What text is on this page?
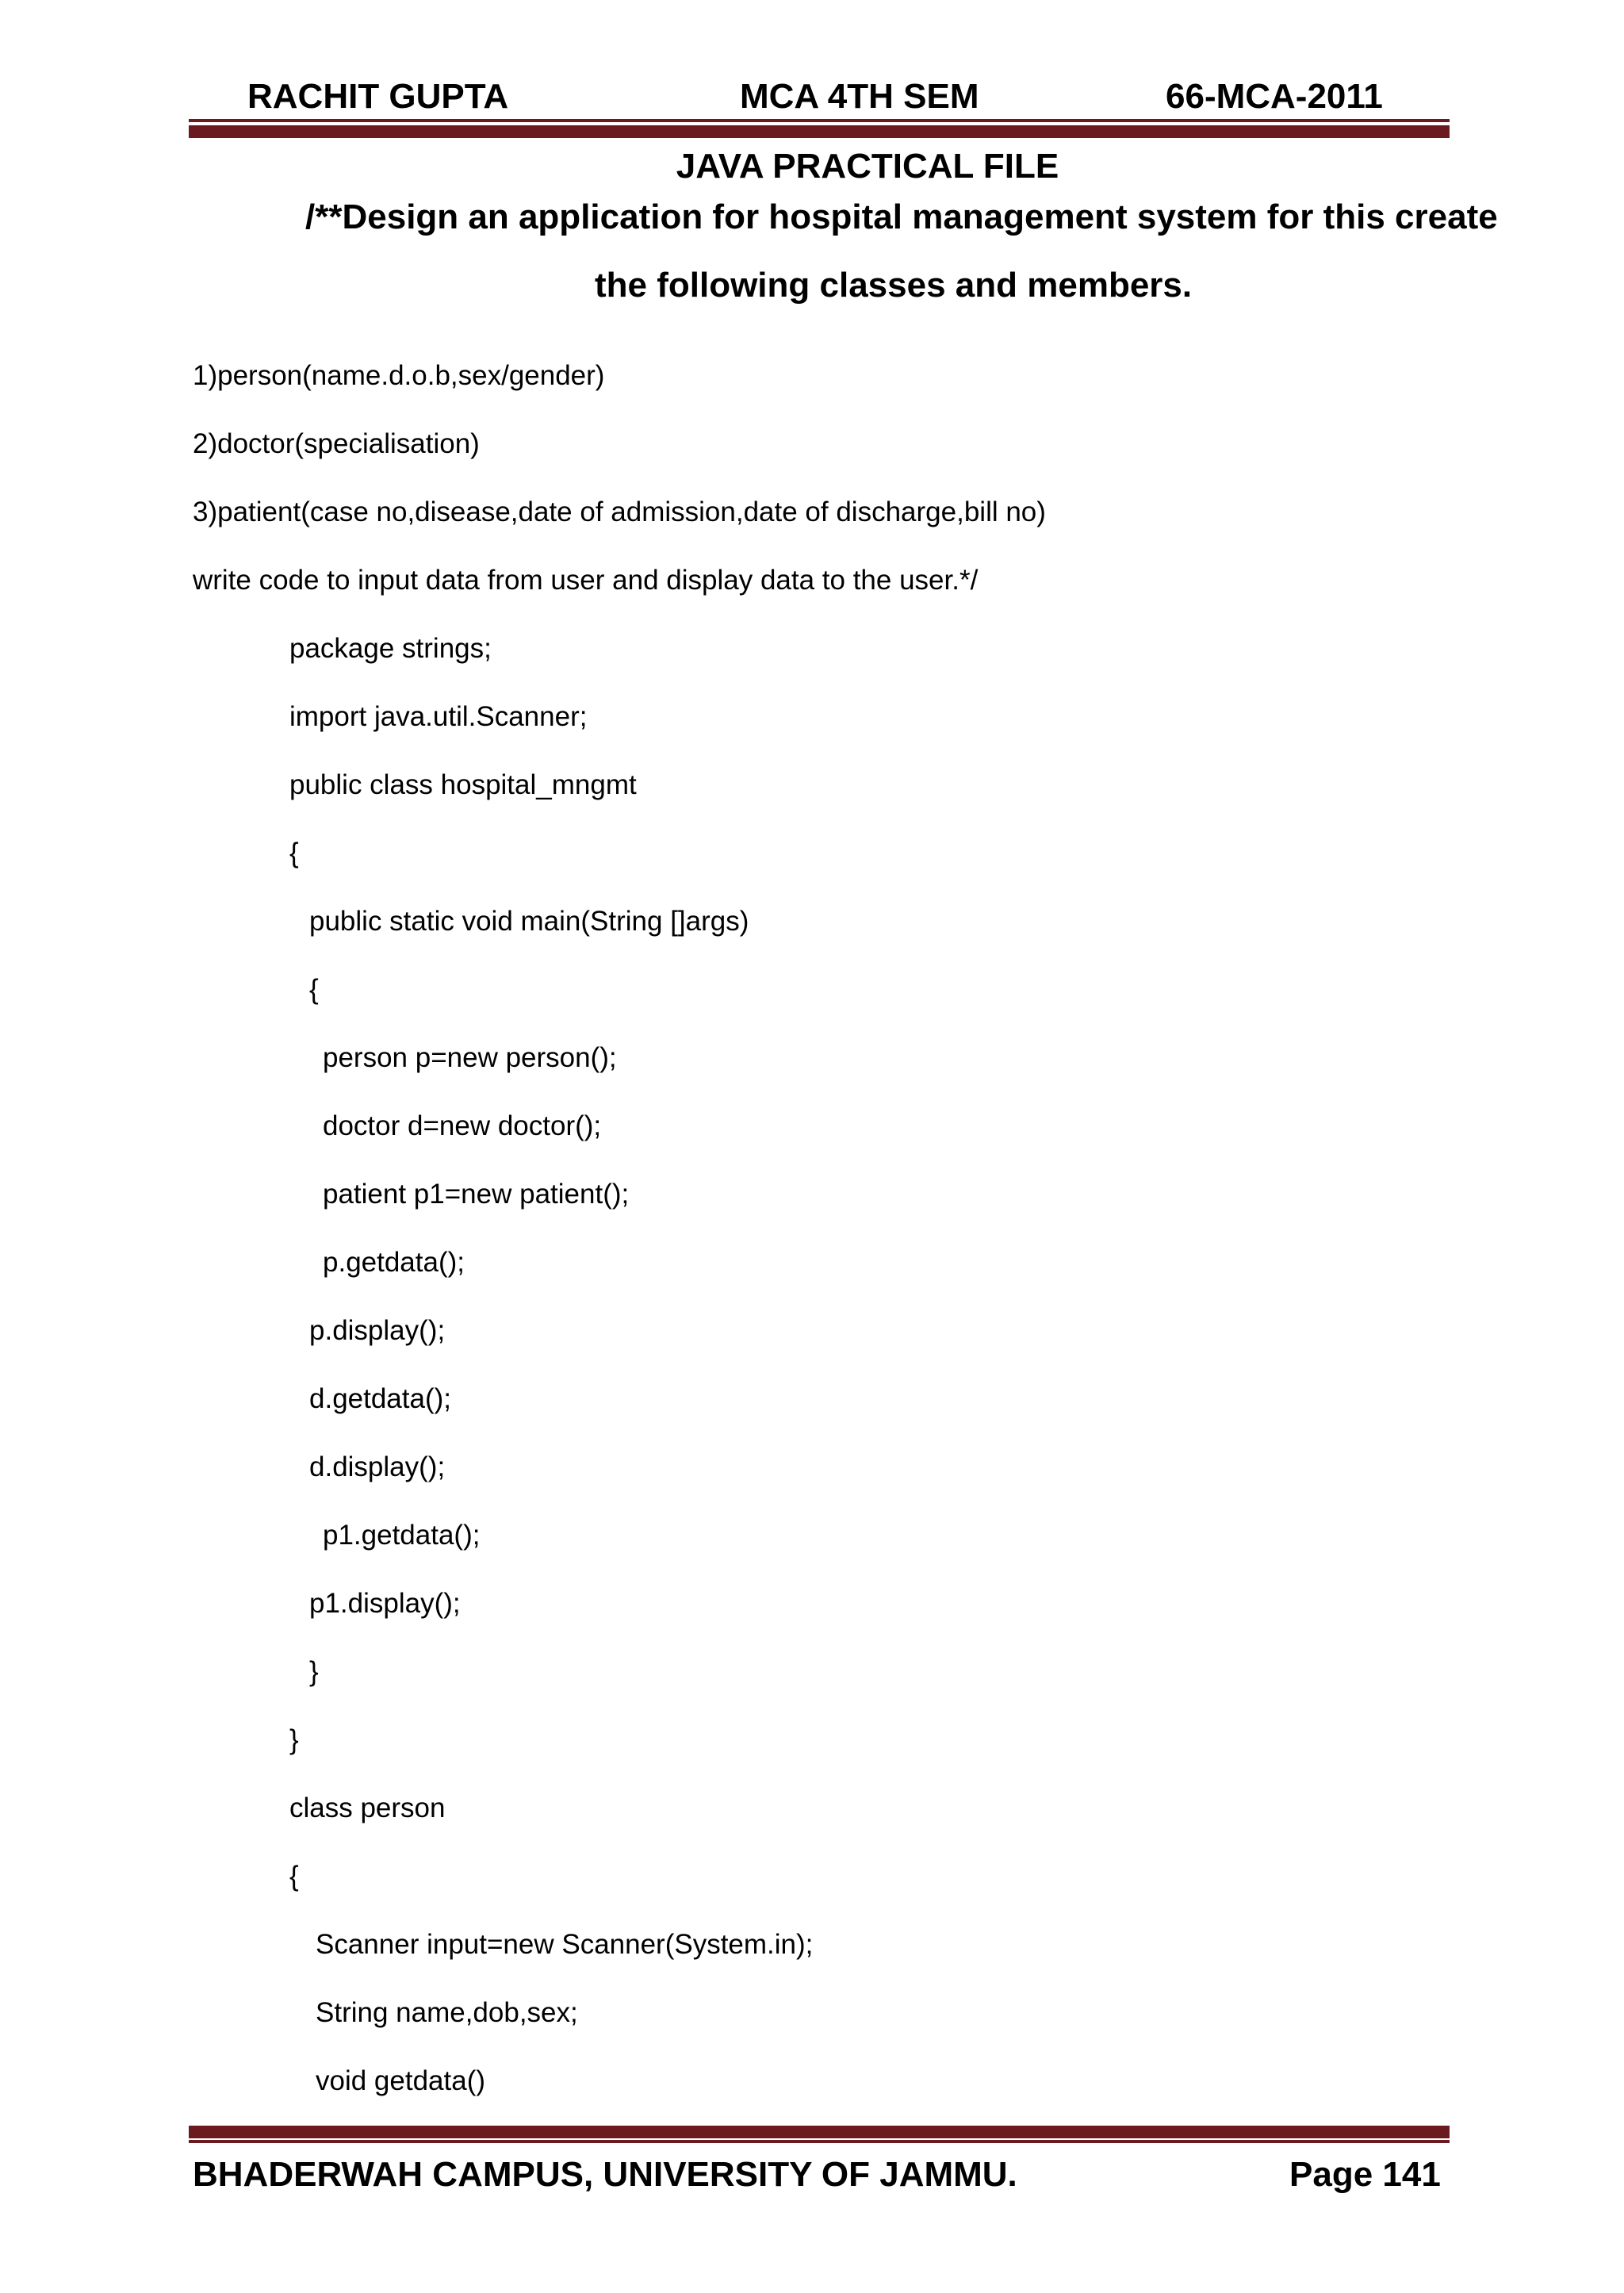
RACHIT GUPTA	MCA 4TH SEM	66-MCA-2011
JAVA PRACTICAL FILE
/**Design an application for hospital management system for this create
the following classes and members.
1)person(name.d.o.b,sex/gender)
2)doctor(specialisation)
3)patient(case no,disease,date of admission,date of discharge,bill no)
write code to input data from user and display data to the user.*/
package strings;
import java.util.Scanner;
public class hospital_mngmt
{
public static void main(String []args)
{
person p=new person();
doctor d=new doctor();
patient p1=new patient();
p.getdata();
p.display();
d.getdata();
d.display();
p1.getdata();
p1.display();
}
}
class person
{
Scanner input=new Scanner(System.in);
String name,dob,sex;
void getdata()
BHADERWAH CAMPUS, UNIVERSITY OF JAMMU.	Page 141
